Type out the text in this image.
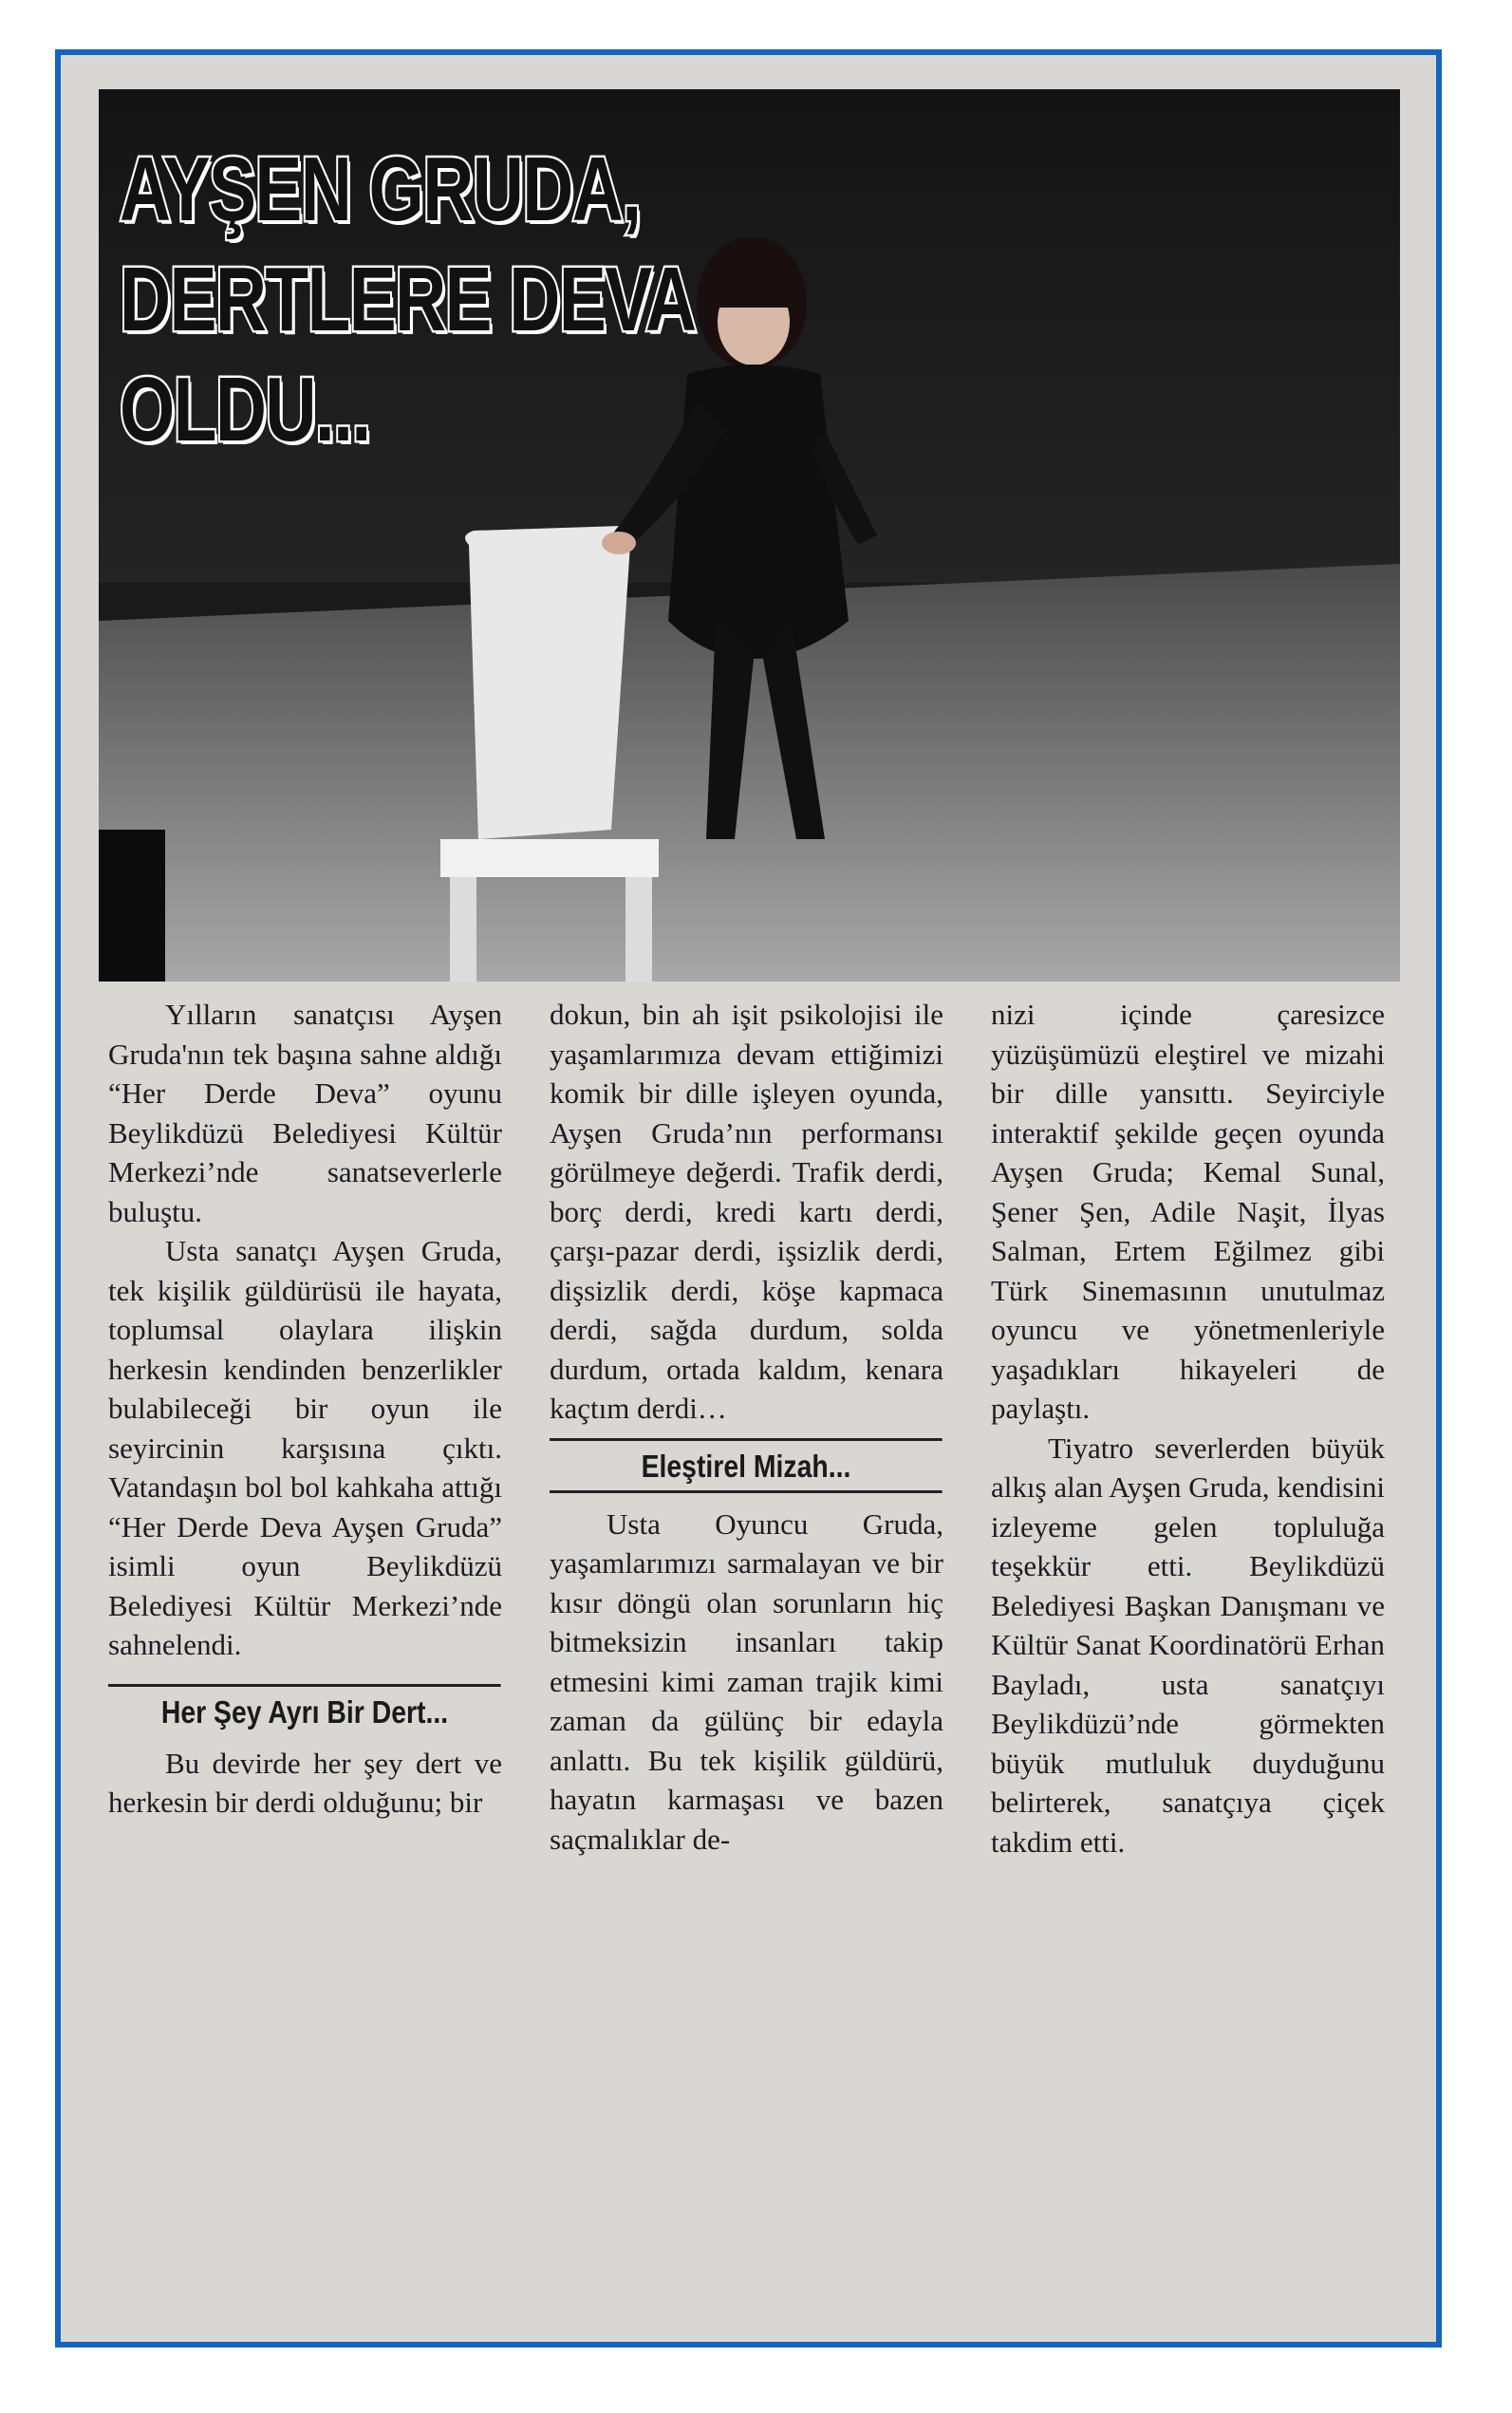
AYŞEN GRUDA,
DERTLERE DEVA
OLDU...

Yılların sanatçısı Ayşen Gruda'nın tek başına sahne aldığı “Her Derde Deva” oyunu Beylikdüzü Belediyesi Kültür Merkezi’nde sanatseverlerle buluştu.

Usta sanatçı Ayşen Gruda, tek kişilik güldürüsü ile hayata, toplumsal olaylara ilişkin herkesin kendinden benzerlikler bulabileceği bir oyun ile seyircinin karşısına çıktı. Vatandaşın bol bol kahkaha attığı “Her Derde Deva Ayşen Gruda” isimli oyun Beylikdüzü Belediyesi Kültür Merkezi’nde sahnelendi.

Her Şey Ayrı Bir Dert...

Bu devirde her şey dert ve herkesin bir derdi olduğunu; bir

dokun, bin ah işit psikolojisi ile yaşamlarımıza devam ettiğimizi komik bir dille işleyen oyunda, Ayşen Gruda’nın performansı görülmeye değerdi. Trafik derdi, borç derdi, kredi kartı derdi, çarşı-pazar derdi, işsizlik derdi, dişsizlik derdi, köşe kapmaca derdi, sağda durdum, solda durdum, ortada kaldım, kenara kaçtım derdi…

Eleştirel Mizah...

Usta Oyuncu Gruda, yaşamlarımızı sarmalayan ve bir kısır döngü olan sorunların hiç bitmeksizin insanları takip etmesini kimi zaman trajik kimi zaman da gülünç bir edayla anlattı. Bu tek kişilik güldürü, hayatın karmaşası ve bazen saçmalıklar de-

nizi içinde çaresizce yüzüşümüzü eleştirel ve mizahi bir dille yansıttı. Seyirciyle interaktif şekilde geçen oyunda Ayşen Gruda; Kemal Sunal, Şener Şen, Adile Naşit, İlyas Salman, Ertem Eğilmez gibi Türk Sinemasının unutulmaz oyuncu ve yönetmenleriyle yaşadıkları hikayeleri de paylaştı.

Tiyatro severlerden büyük alkış alan Ayşen Gruda, kendisini izleyeme gelen topluluğa teşekkür etti. Beylikdüzü Belediyesi Başkan Danışmanı ve Kültür Sanat Koordinatörü Erhan Bayladı, usta sanatçıyı Beylikdüzü’nde görmekten büyük mutluluk duyduğunu belirterek, sanatçıya çiçek takdim etti.
